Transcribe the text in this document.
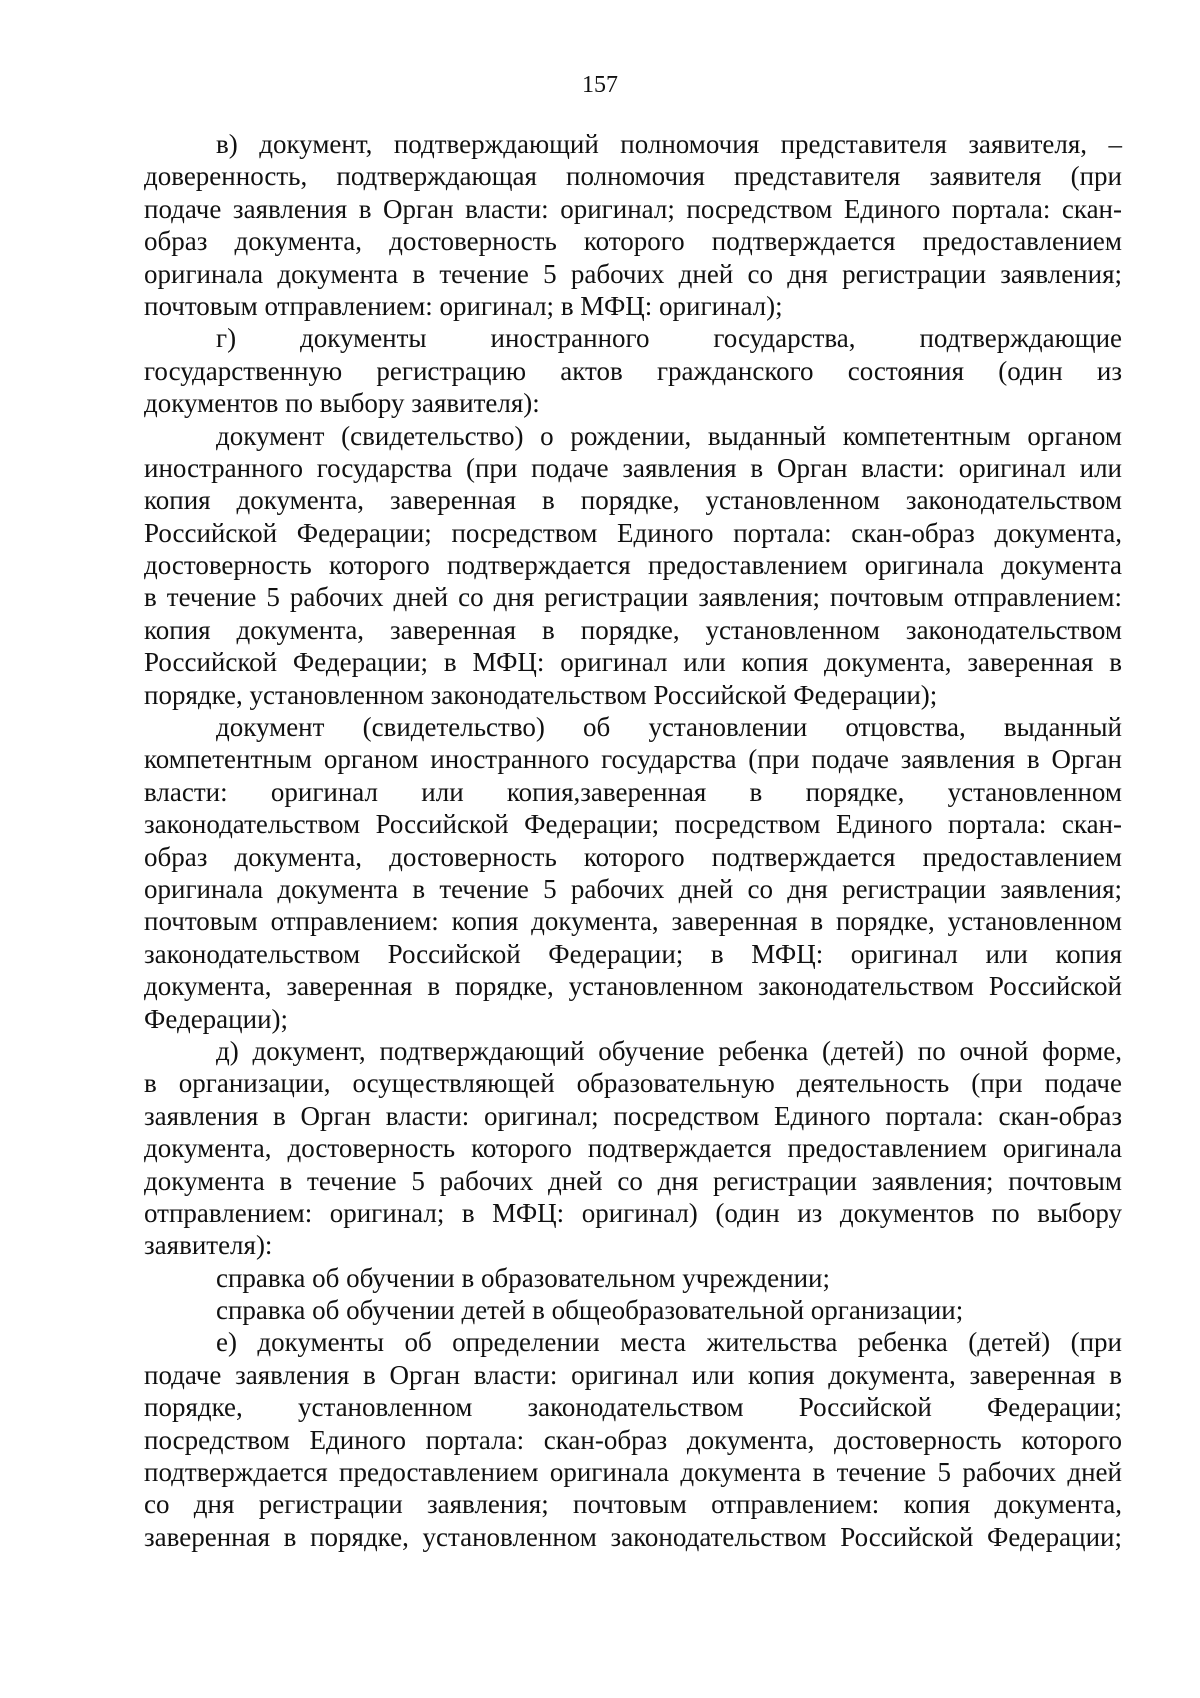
157
в) документ, подтверждающий полномочия представителя заявителя, –
доверенность, подтверждающая полномочия представителя заявителя (при
подаче заявления в Орган власти: оригинал; посредством Единого портала: скан-
образ документа, достоверность которого подтверждается предоставлением
оригинала документа в течение 5 рабочих дней со дня регистрации заявления;
почтовым отправлением: оригинал; в МФЦ: оригинал);
г) документы иностранного государства, подтверждающие
государственную регистрацию актов гражданского состояния (один из
документов по выбору заявителя):
документ (свидетельство) о рождении, выданный компетентным органом
иностранного государства (при подаче заявления в Орган власти: оригинал или
копия документа, заверенная в порядке, установленном законодательством
Российской Федерации; посредством Единого портала: скан-образ документа,
достоверность которого подтверждается предоставлением оригинала документа
в течение 5 рабочих дней со дня регистрации заявления; почтовым отправлением:
копия документа, заверенная в порядке, установленном законодательством
Российской Федерации; в МФЦ: оригинал или копия документа, заверенная в
порядке, установленном законодательством Российской Федерации);
документ (свидетельство) об установлении отцовства, выданный
компетентным органом иностранного государства (при подаче заявления в Орган
власти: оригинал или копия,заверенная в порядке, установленном
законодательством Российской Федерации; посредством Единого портала: скан-
образ документа, достоверность которого подтверждается предоставлением
оригинала документа в течение 5 рабочих дней со дня регистрации заявления;
почтовым отправлением: копия документа, заверенная в порядке, установленном
законодательством Российской Федерации; в МФЦ: оригинал или копия
документа, заверенная в порядке, установленном законодательством Российской
Федерации);
д) документ, подтверждающий обучение ребенка (детей) по очной форме,
в организации, осуществляющей образовательную деятельность (при подаче
заявления в Орган власти: оригинал; посредством Единого портала: скан-образ
документа, достоверность которого подтверждается предоставлением оригинала
документа в течение 5 рабочих дней со дня регистрации заявления; почтовым
отправлением: оригинал; в МФЦ: оригинал) (один из документов по выбору
заявителя):
справка об обучении в образовательном учреждении;
справка об обучении детей в общеобразовательной организации;
е) документы об определении места жительства ребенка (детей) (при
подаче заявления в Орган власти: оригинал или копия документа, заверенная в
порядке, установленном законодательством Российской Федерации;
посредством Единого портала: скан-образ документа, достоверность которого
подтверждается предоставлением оригинала документа в течение 5 рабочих дней
со дня регистрации заявления; почтовым отправлением: копия документа,
заверенная в порядке, установленном законодательством Российской Федерации;
